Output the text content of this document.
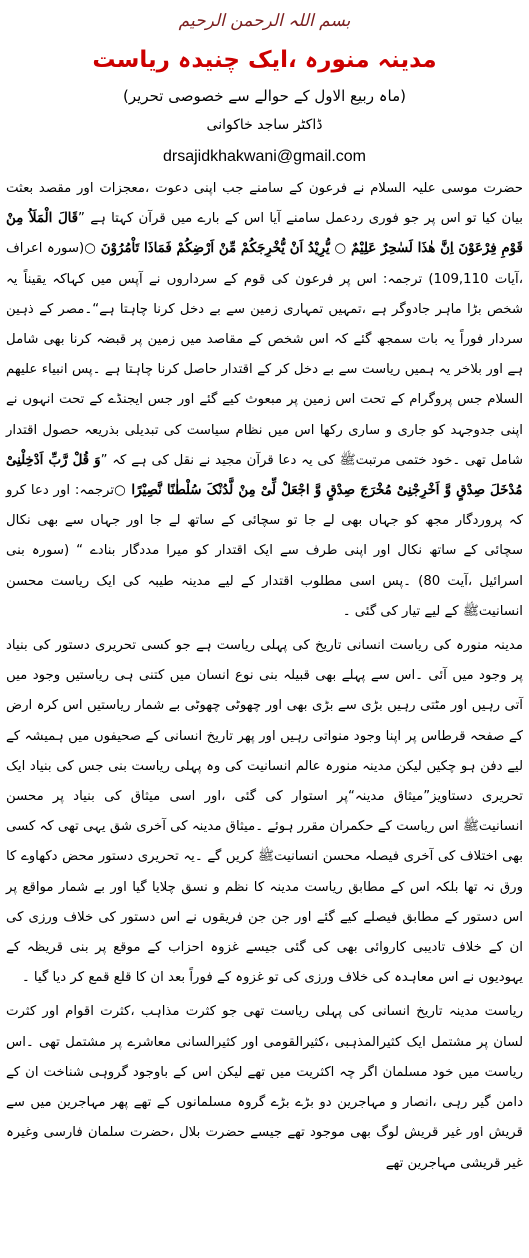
بسم اللہ الرحمن الرحیم
مدینہ منورہ ،ایک چنیدہ ریاست
(ماہ ربیع الاول کے حوالے سے خصوصی تحریر)
ڈاکٹر ساجد خاکوانی
drsajidkhakwani@gmail.com

حضرت موسی علیہ السلام نے فرعون کے سامنے جب اپنی دعوت ،معجزات اور مقصد بعثت بیان کیا تو اس پر جو فوری ردعمل سامنے آیا اس کے بارے میں قرآن کہتا ہے ”قَالَ الْمَلَاُ مِنْ قَوْمِ فِرْعَوْنَ اِنَّ ھٰذَا لَسٰحِرٌ عَلِیْمٌ ○ یُّرِیْدُ اَنْ یُّخْرِجَکُمْ مِّنْ اَرْضِکُمْ فَمَاذَا تَاْمُرُوْنَ ○(سورہ اعراف ،آیات 109,110) ترجمہ: اس پر فرعون کی قوم کے سرداروں نے آپس میں کہاکہ یقیناً یہ شخص بڑا ماہر جادوگر ہے ،تمہیں تمہاری زمین سے بے دخل کرنا چاہتا ہے“۔مصر کے ذہین سردار فوراً یہ بات سمجھ گئے کہ اس شخص کے مقاصد میں زمین پر قبضہ کرنا بھی شامل ہے اور بلاخر یہ ہمیں ریاست سے بے دخل کر کے اقتدار حاصل کرنا چاہتا ہے ۔پس انبیاء علیھم السلام جس پروگرام کے تحت اس زمین پر مبعوث کیے گئے اور جس ایجنڈے کے تحت انہوں نے اپنی جدوجہد کو جاری و ساری رکھا اس میں نظام سیاست کی تبدیلی بذریعہ حصول اقتدار شامل تھی ۔خود ختمی مرتبتﷺ کی یہ دعا قرآن مجید نے نقل کی ہے کہ ”وَ قُلْ رَّبِّ اَدْخِلْنِیْ مُدْخَلَ صِدْقٍ وَّ اَخْرِجْنِیْ مُخْرَجَ صِدْقٍ وَّ اجْعَلْ لِّیْ مِنْ لَّدُنْکَ سُلْطٰنًا نَّصِیْرًا ○ترجمہ: اور دعا کرو کہ پروردگار مجھ کو جہاں بھی لے جا تو سچائی کے ساتھ لے جا اور جہاں سے بھی نکال سچائی کے ساتھ نکال اور اپنی طرف سے ایک اقتدار کو میرا مددگار بنادے “ (سورہ بنی اسرائیل ،آیت 80) ۔پس اسی مطلوب اقتدار کے لیے مدینہ طیبہ کی ایک ریاست محسن انسانیتﷺ کے لیے تیار کی گئی ۔

مدینہ منورہ کی ریاست انسانی تاریخ کی پہلی ریاست ہے جو کسی تحریری دستور کی بنیاد پر وجود میں آئی ۔اس سے پہلے بھی قبیلہ بنی نوع انسان میں کتنی ہی ریاستیں وجود میں آتی رہیں اور مٹتی رہیں بڑی سے بڑی بھی اور چھوٹی چھوٹی بے شمار ریاستیں اس کرہ ارض کے صفحہ قرطاس پر اپنا وجود منواتی رہیں اور پھر تاریخ انسانی کے صحیفوں میں ہمیشہ کے لیے دفن ہو چکیں لیکن مدینہ منورہ عالم انسانیت کی وہ پہلی ریاست بنی جس کی بنیاد ایک تحریری دستاویز”میثاق مدینہ“پر استوار کی گئی ،اور اسی میثاق کی بنیاد پر محسن انسانیتﷺ اس ریاست کے حکمران مقرر ہوئے ۔میثاق مدینہ کی آخری شق یہی تھی کہ کسی بھی اختلاف کی آخری فیصلہ محسن انسانیتﷺ کریں گے ۔یہ تحریری دستور محض دکھاوے کا ورق نہ تھا بلکہ اس کے مطابق ریاست مدینہ کا نظم و نسق چلایا گیا اور بے شمار مواقع پر اس دستور کے مطابق فیصلے کیے گئے اور جن جن فریقوں نے اس دستور کی خلاف ورزی کی ان کے خلاف تادیبی کاروائی بھی کی گئی جیسے غزوہ احزاب کے موقع پر بنی قریظہ کے یہودیوں نے اس معاہدہ کی خلاف ورزی کی تو غزوہ کے فوراً بعد ان کا قلع قمع کر دیا گیا ۔

ریاست مدینہ تاریخ انسانی کی پہلی ریاست تھی جو کثرت مذاہب ،کثرت اقوام اور کثرت لسان پر مشتمل ایک کثیرالمذہبی ،کثیرالقومی اور کثیرالسانی معاشرے پر مشتمل تھی ۔اس ریاست میں خود مسلمان اگر چہ اکثریت میں تھے لیکن اس کے باوجود گروہی شناخت ان کے دامن گیر رہی ،انصار و مہاجرین دو بڑے بڑے گروہ مسلمانوں کے تھے پھر مہاجرین میں سے قریش اور غیر قریش لوگ بھی موجود تھے جیسے حضرت بلال ،حضرت سلمان فارسی وغیرہ غیر قریشی مہاجرین تھے
